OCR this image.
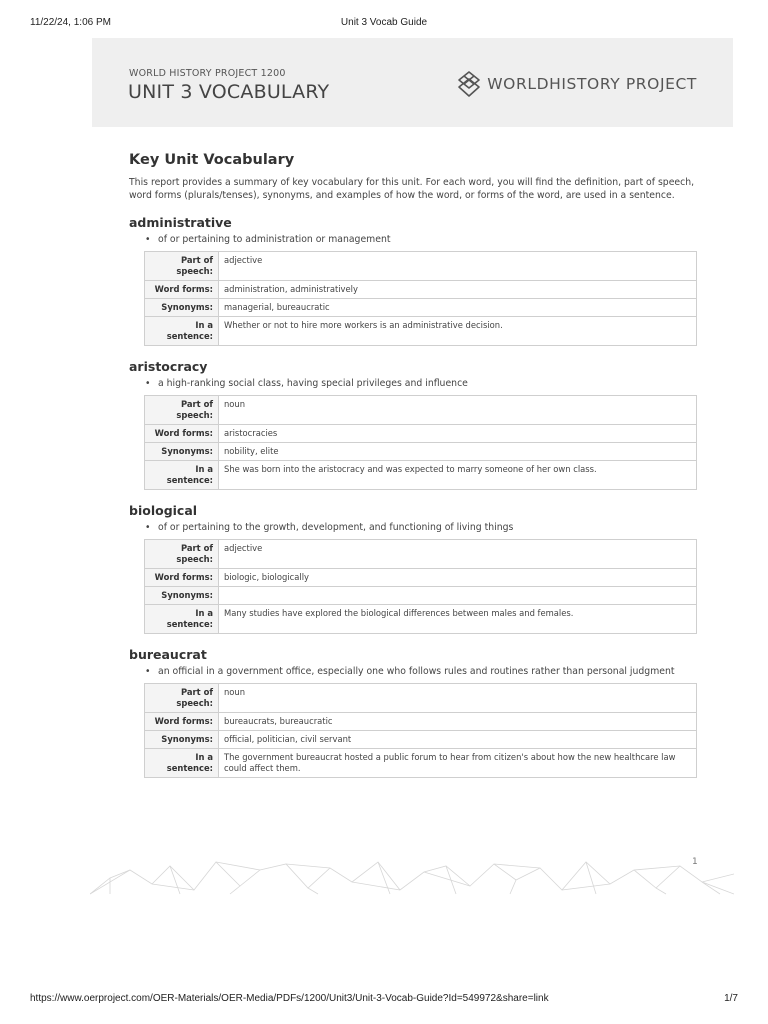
11/22/24, 1:06 PM	Unit 3 Vocab Guide
WORLD HISTORY PROJECT 1200
UNIT 3 VOCABULARY	WORLDHISTORY PROJECT
Key Unit Vocabulary
This report provides a summary of key vocabulary for this unit. For each word, you will find the definition, part of speech, word forms (plurals/tenses), synonyms, and examples of how the word, or forms of the word, are used in a sentence.
administrative
• of or pertaining to administration or management
Part of speech:	adjective
Word forms:	administration, administratively
Synonyms:	managerial, bureaucratic
In a sentence:	Whether or not to hire more workers is an administrative decision.
aristocracy
• a high-ranking social class, having special privileges and influence
Part of speech:	noun
Word forms:	aristocracies
Synonyms:	nobility, elite
In a sentence:	She was born into the aristocracy and was expected to marry someone of her own class.
biological
• of or pertaining to the growth, development, and functioning of living things
Part of speech:	adjective
Word forms:	biologic, biologically
Synonyms:	
In a sentence:	Many studies have explored the biological differences between males and females.
bureaucrat
• an official in a government office, especially one who follows rules and routines rather than personal judgment
Part of speech:	noun
Word forms:	bureaucrats, bureaucratic
Synonyms:	official, politician, civil servant
In a sentence:	The government bureaucrat hosted a public forum to hear from citizen's about how the new healthcare law could affect them.
1
https://www.oerproject.com/OER-Materials/OER-Media/PDFs/1200/Unit3/Unit-3-Vocab-Guide?Id=549972&share=link	1/7
